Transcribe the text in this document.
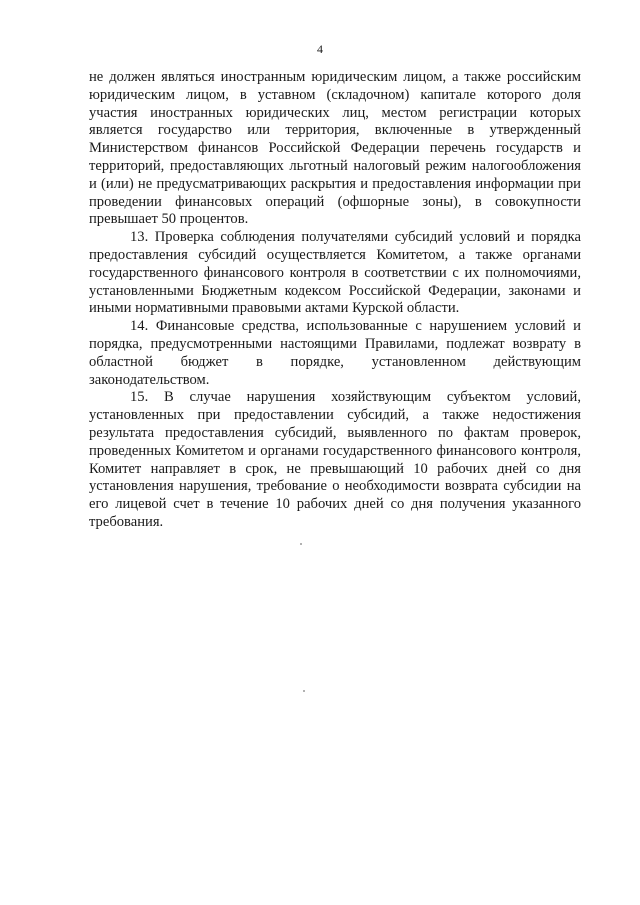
4

не должен являться иностранным юридическим лицом, а также российским юридическим лицом, в уставном (складочном) капитале которого доля участия иностранных юридических лиц, местом регистрации которых является государство или территория, включенные в утвержденный Министерством финансов Российской Федерации перечень государств и территорий, предоставляющих льготный налоговый режим налогообложения и (или) не предусматривающих раскрытия и предоставления информации при проведении финансовых операций (офшорные зоны), в совокупности превышает 50 процентов.

13. Проверка соблюдения получателями субсидий условий и порядка предоставления субсидий осуществляется Комитетом, а также органами государственного финансового контроля в соответствии с их полномочиями, установленными Бюджетным кодексом Российской Федерации, законами и иными нормативными правовыми актами Курской области.

14. Финансовые средства, использованные с нарушением условий и порядка, предусмотренными настоящими Правилами, подлежат возврату в областной бюджет в порядке, установленном действующим законодательством.

15. В случае нарушения хозяйствующим субъектом условий, установленных при предоставлении субсидий, а также недостижения результата предоставления субсидий, выявленного по фактам проверок, проведенных Комитетом и органами государственного финансового контроля, Комитет направляет в срок, не превышающий 10 рабочих дней со дня установления нарушения, требование о необходимости возврата субсидии на его лицевой счет в течение 10 рабочих дней со дня получения указанного требования.
